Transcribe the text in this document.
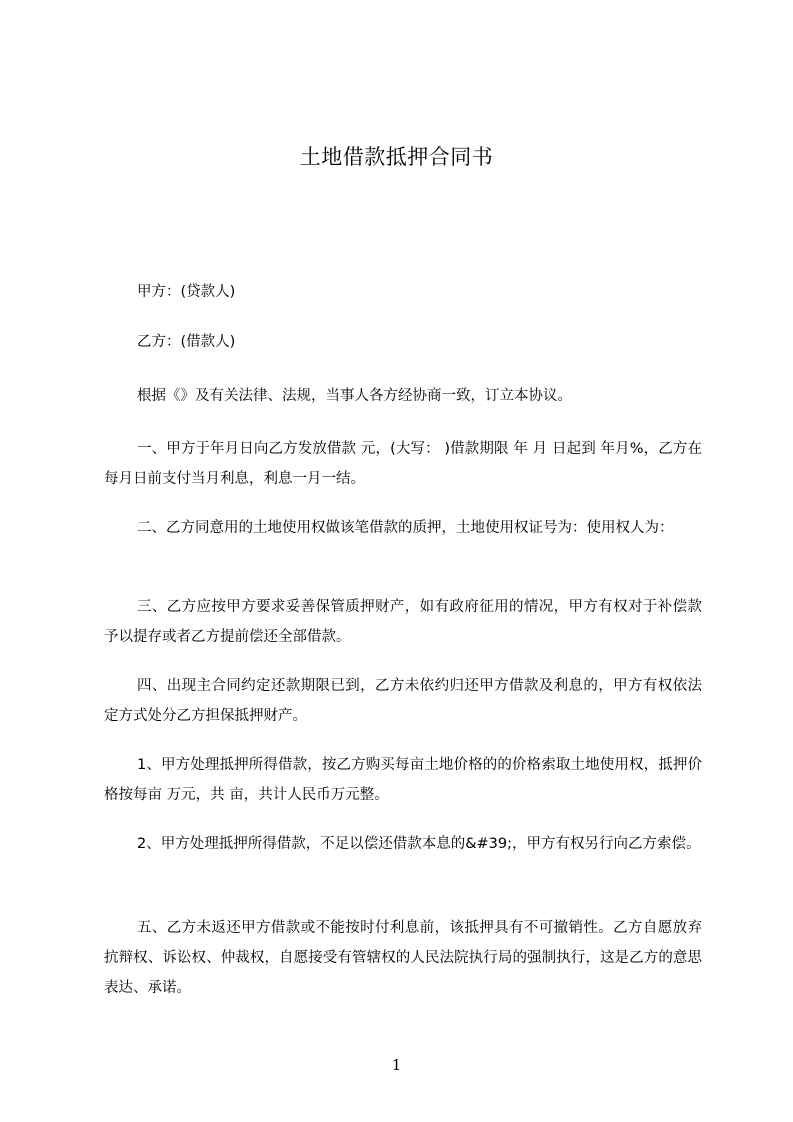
土地借款抵押合同书

甲方：(贷款人)

乙方：(借款人)

根据《》及有关法律、法规，当事人各方经协商一致，订立本协议。

一、甲方于年月日向乙方发放借款 元，(大写： )借款期限 年 月 日起到 年月%，乙方在每月日前支付当月利息，利息一月一结。

二、乙方同意用的土地使用权做该笔借款的质押，土地使用权证号为：使用权人为：

三、乙方应按甲方要求妥善保管质押财产，如有政府征用的情况，甲方有权对于补偿款予以提存或者乙方提前偿还全部借款。

四、出现主合同约定还款期限已到，乙方未依约归还甲方借款及利息的，甲方有权依法定方式处分乙方担保抵押财产。

1、甲方处理抵押所得借款，按乙方购买每亩土地价格的的价格索取土地使用权，抵押价格按每亩 万元，共 亩，共计人民币万元整。

2、甲方处理抵押所得借款，不足以偿还借款本息的&#39;，甲方有权另行向乙方索偿。

五、乙方未返还甲方借款或不能按时付利息前，该抵押具有不可撤销性。乙方自愿放弃抗辩权、诉讼权、仲裁权，自愿接受有管辖权的人民法院执行局的强制执行，这是乙方的意思表达、承诺。

1
